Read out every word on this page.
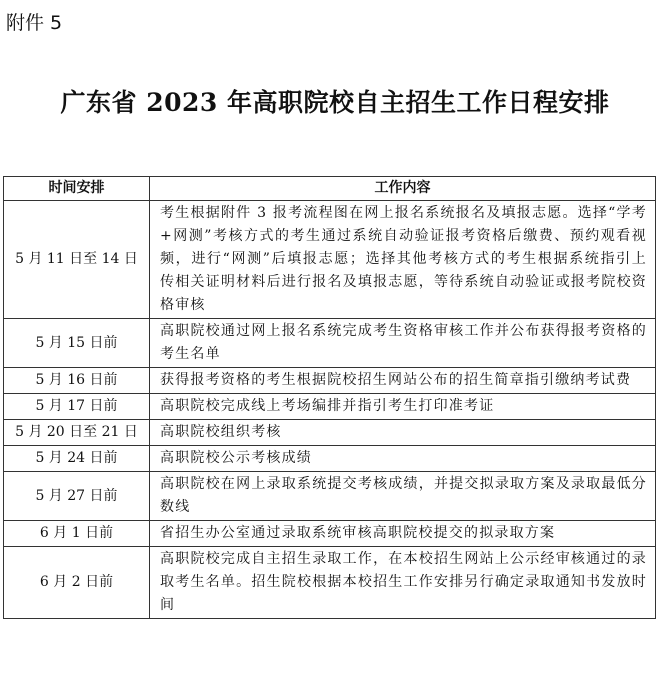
附件 5
广东省 2023 年高职院校自主招生工作日程安排
时间安排	工作内容
5 月 11 日至 14 日	考生根据附件 3 报考流程图在网上报名系统报名及填报志愿。选择“学考+网测”考核方式的考生通过系统自动验证报考资格后缴费、预约观看视频，进行“网测”后填报志愿；选择其他考核方式的考生根据系统指引上传相关证明材料后进行报名及填报志愿，等待系统自动验证或报考院校资格审核
5 月 15 日前	高职院校通过网上报名系统完成考生资格审核工作并公布获得报考资格的考生名单
5 月 16 日前	获得报考资格的考生根据院校招生网站公布的招生简章指引缴纳考试费
5 月 17 日前	高职院校完成线上考场编排并指引考生打印准考证
5 月 20 日至 21 日	高职院校组织考核
5 月 24 日前	高职院校公示考核成绩
5 月 27 日前	高职院校在网上录取系统提交考核成绩，并提交拟录取方案及录取最低分数线
6 月 1 日前	省招生办公室通过录取系统审核高职院校提交的拟录取方案
6 月 2 日前	高职院校完成自主招生录取工作，在本校招生网站上公示经审核通过的录取考生名单。招生院校根据本校招生工作安排另行确定录取通知书发放时间
